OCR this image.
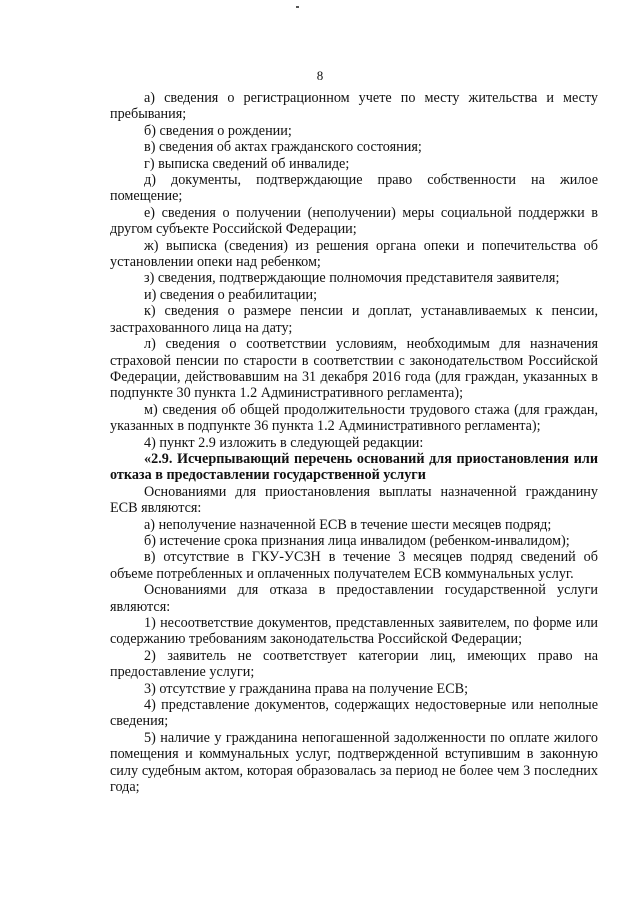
8

а) сведения о регистрационном учете по месту жительства и месту пребывания;

б) сведения о рождении;

в) сведения об актах гражданского состояния;

г) выписка сведений об инвалиде;

д) документы, подтверждающие право собственности на жилое помещение;

е) сведения о получении (неполучении) меры социальной поддержки в другом субъекте Российской Федерации;

ж) выписка (сведения) из решения органа опеки и попечительства об установлении опеки над ребенком;

з) сведения, подтверждающие полномочия представителя заявителя;

и) сведения о реабилитации;

к) сведения о размере пенсии и доплат, устанавливаемых к пенсии, застрахованного лица на дату;

л) сведения о соответствии условиям, необходимым для назначения страховой пенсии по старости в соответствии с законодательством Российской Федерации, действовавшим на 31 декабря 2016 года (для граждан, указанных в подпункте 30 пункта 1.2 Административного регламента);

м) сведения об общей продолжительности трудового стажа (для граждан, указанных в подпункте 36 пункта 1.2 Административного регламента);

4) пункт 2.9 изложить в следующей редакции:

«2.9. Исчерпывающий перечень оснований для приостановления или отказа в предоставлении государственной услуги

Основаниями для приостановления выплаты назначенной гражданину ЕСВ являются:

а) неполучение назначенной ЕСВ в течение шести месяцев подряд;

б) истечение срока признания лица инвалидом (ребенком-инвалидом);

в) отсутствие в ГКУ-УСЗН в течение 3 месяцев подряд сведений об объеме потребленных и оплаченных получателем ЕСВ коммунальных услуг.

Основаниями для отказа в предоставлении государственной услуги являются:

1) несоответствие документов, представленных заявителем, по форме или содержанию требованиям законодательства Российской Федерации;

2) заявитель не соответствует категории лиц, имеющих право на предоставление услуги;

3) отсутствие у гражданина права на получение ЕСВ;

4) представление документов, содержащих недостоверные или неполные сведения;

5) наличие у гражданина непогашенной задолженности по оплате жилого помещения и коммунальных услуг, подтвержденной вступившим в законную силу судебным актом, которая образовалась за период не более чем 3 последних года;
